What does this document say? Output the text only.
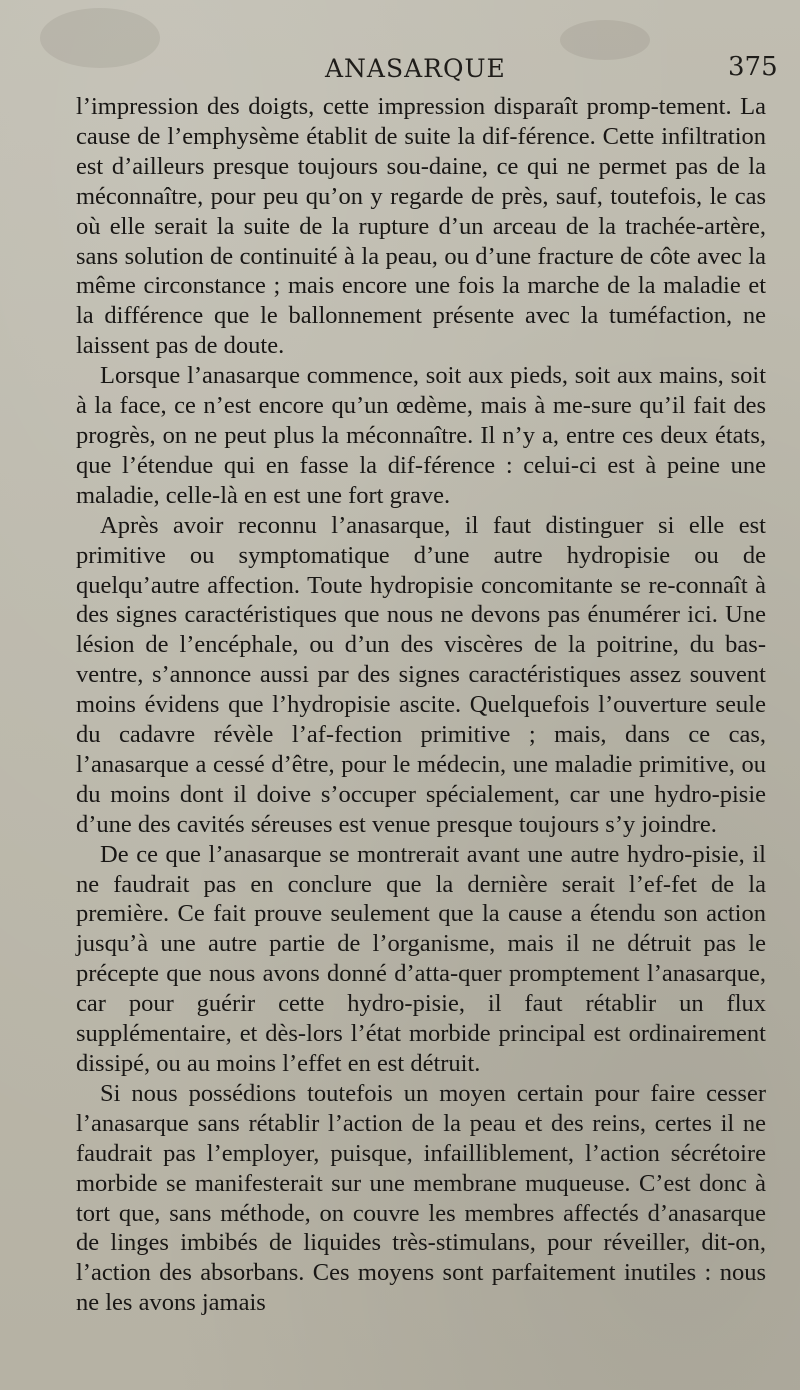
ANASARQUE	375

l’impression des doigts, cette impression disparaît promp-tement. La cause de l’emphysème établit de suite la dif-férence. Cette infiltration est d’ailleurs presque toujours sou-daine, ce qui ne permet pas de la méconnaître, pour peu qu’on y regarde de près, sauf, toutefois, le cas où elle serait la suite de la rupture d’un arceau de la trachée-artère, sans solution de continuité à la peau, ou d’une fracture de côte avec la même circonstance ; mais encore une fois la marche de la maladie et la différence que le ballonnement présente avec la tuméfaction, ne laissent pas de doute.

Lorsque l’anasarque commence, soit aux pieds, soit aux mains, soit à la face, ce n’est encore qu’un œdème, mais à me-sure qu’il fait des progrès, on ne peut plus la méconnaître. Il n’y a, entre ces deux états, que l’étendue qui en fasse la dif-férence : celui-ci est à peine une maladie, celle-là en est une fort grave.

Après avoir reconnu l’anasarque, il faut distinguer si elle est primitive ou symptomatique d’une autre hydropisie ou de quelqu’autre affection. Toute hydropisie concomitante se re-connaît à des signes caractéristiques que nous ne devons pas énumérer ici. Une lésion de l’encéphale, ou d’un des viscères de la poitrine, du bas-ventre, s’annonce aussi par des signes caractéristiques assez souvent moins évidens que l’hydropisie ascite. Quelquefois l’ouverture seule du cadavre révèle l’af-fection primitive ; mais, dans ce cas, l’anasarque a cessé d’être, pour le médecin, une maladie primitive, ou du moins dont il doive s’occuper spécialement, car une hydro-pisie d’une des cavités séreuses est venue presque toujours s’y joindre.

De ce que l’anasarque se montrerait avant une autre hydro-pisie, il ne faudrait pas en conclure que la dernière serait l’ef-fet de la première. Ce fait prouve seulement que la cause a étendu son action jusqu’à une autre partie de l’organisme, mais il ne détruit pas le précepte que nous avons donné d’atta-quer promptement l’anasarque, car pour guérir cette hydro-pisie, il faut rétablir un flux supplémentaire, et dès-lors l’état morbide principal est ordinairement dissipé, ou au moins l’effet en est détruit.

Si nous possédions toutefois un moyen certain pour faire cesser l’anasarque sans rétablir l’action de la peau et des reins, certes il ne faudrait pas l’employer, puisque, infailliblement, l’action sécrétoire morbide se manifesterait sur une membrane muqueuse. C’est donc à tort que, sans méthode, on couvre les membres affectés d’anasarque de linges imbibés de liquides très-stimulans, pour réveiller, dit-on, l’action des absorbans. Ces moyens sont parfaitement inutiles : nous ne les avons jamais
